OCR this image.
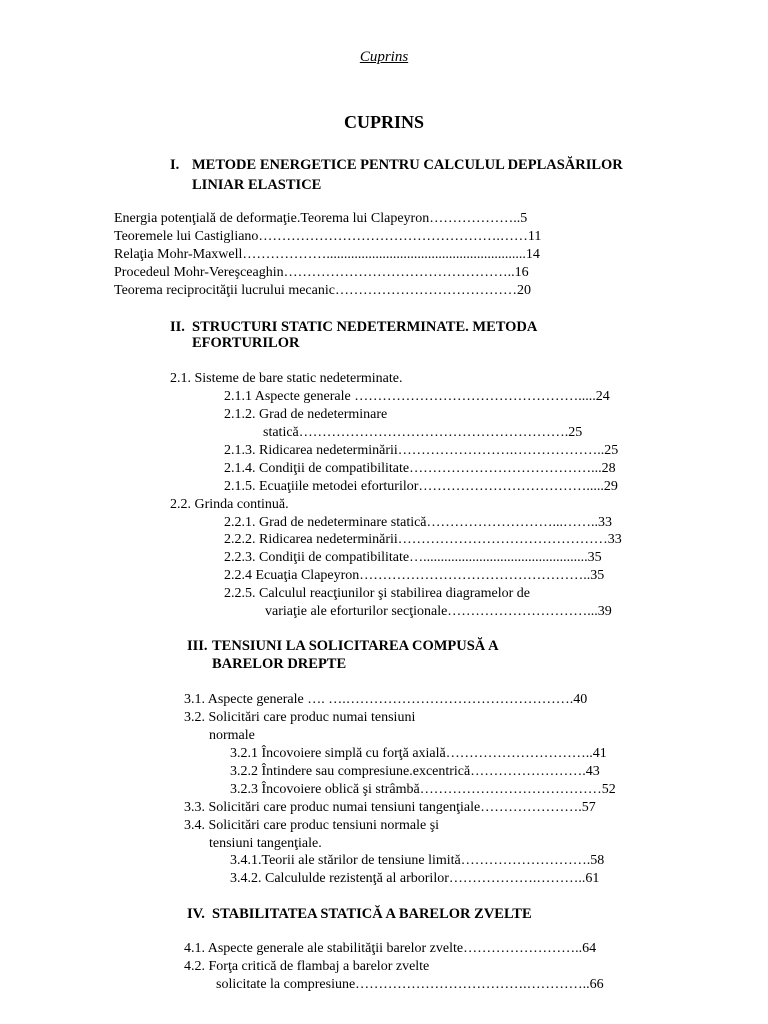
Cuprins
CUPRINS
I. METODE ENERGETICE PENTRU CALCULUL DEPLASĂRILOR
LINIAR ELASTICE
Energia potenţială de deformaţie.Teorema lui Clapeyron………………..5
Teoremele lui Castigliano…………………………………………….……11
Relaţia Mohr-Maxwell……………….........................................................14
Procedeul Mohr-Vereşceaghin…………………………………………..16
Teorema reciprocităţii lucrului mecanic…………………………………20
II. STRUCTURI STATIC NEDETERMINATE. METODA
EFORTURILOR
2.1. Sisteme de bare static nedeterminate.
2.1.1 Aspecte generale ………………………………………….....24
2.1.2. Grad de nedeterminare
statică………………………………………………….25
2.1.3. Ridicarea nedeterminării…………………….………………..25
2.1.4. Condiţii de compatibilitate…………………………………...28
2.1.5. Ecuaţiile metodei eforturilor……………………………….....29
2.2. Grinda continuă.
2.2.1. Grad de nedeterminare statică………………………...……..33
2.2.2. Ridicarea nedeterminării………………………………………33
2.2.3. Condiţii de compatibilitate…...............................................35
2.2.4 Ecuaţia Clapeyron…………………………………………..35
2.2.5. Calculul reacţiunilor şi stabilirea diagramelor de
variaţie ale eforturilor secţionale…………………………...39
III. TENSIUNI LA SOLICITAREA COMPUSĂ A
BARELOR DREPTE
3.1. Aspecte generale …. ….………………………………………….40
3.2. Solicitări care produc numai tensiuni
normale
3.2.1 Încovoiere simplă cu forţă axială…………………………..41
3.2.2 Întindere sau compresiune.excentrică…………………….43
3.2.3 Încovoiere oblică şi strâmbă…………………………………52
3.3. Solicitări care produc numai tensiuni tangenţiale………………….57
3.4. Solicitări care produc tensiuni normale şi
tensiuni tangenţiale.
3.4.1.Teorii ale stărilor de tensiune limită……………………….58
3.4.2. Calcululde rezistenţă al arborilor……………….………..61
IV. STABILITATEA STATICĂ A BARELOR ZVELTE
4.1. Aspecte generale ale stabilităţii barelor zvelte……………………..64
4.2. Forţa critică de flambaj a barelor zvelte
solicitate la compresiune……………………………….…………..66
